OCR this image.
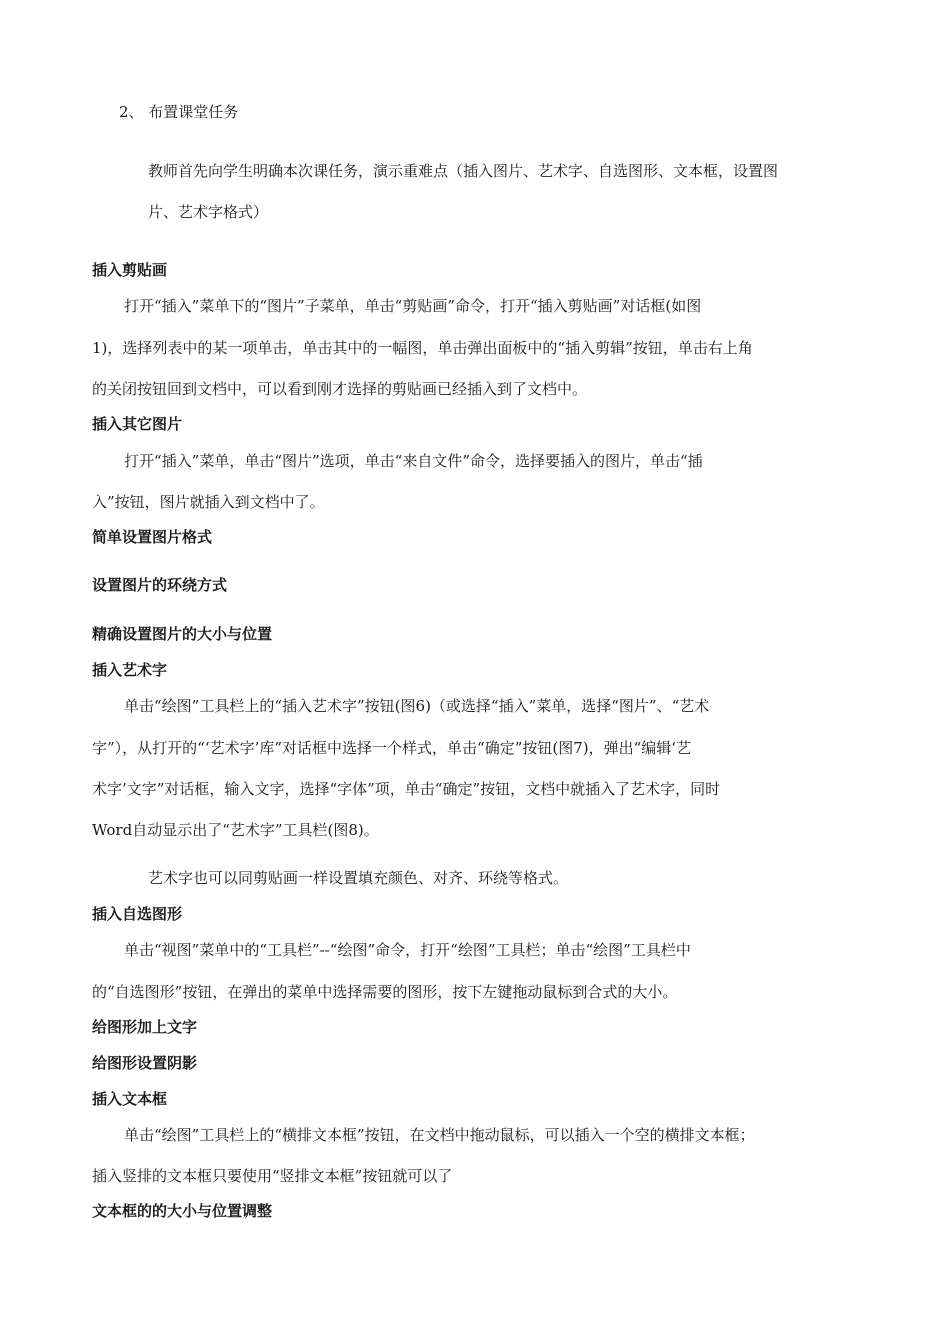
2、 布置课堂任务
教师首先向学生明确本次课任务，演示重难点（插入图片、艺术字、自选图形、文本框，设置图
片、艺术字格式）
插入剪贴画
打开“插入”菜单下的“图片”子菜单，单击“剪贴画”命令，打开“插入剪贴画”对话框(如图
1)，选择列表中的某一项单击，单击其中的一幅图，单击弹出面板中的“插入剪辑”按钮，单击右上角
的关闭按钮回到文档中，可以看到刚才选择的剪贴画已经插入到了文档中。
插入其它图片
打开“插入”菜单，单击“图片”选项，单击“来自文件”命令，选择要插入的图片，单击“插
入”按钮，图片就插入到文档中了。
简单设置图片格式
设置图片的环绕方式
精确设置图片的大小与位置
插入艺术字
单击“绘图”工具栏上的“插入艺术字”按钮(图6)（或选择“插入”菜单，选择“图片”、“艺术
字”），从打开的“‘艺术字’库”对话框中选择一个样式，单击“确定”按钮(图7)，弹出“编辑‘艺
术字’文字”对话框，输入文字，选择“字体”项，单击“确定”按钮，文档中就插入了艺术字，同时
Word自动显示出了“艺术字”工具栏(图8)。
艺术字也可以同剪贴画一样设置填充颜色、对齐、环绕等格式。
插入自选图形
单击“视图”菜单中的“工具栏”--“绘图”命令，打开“绘图”工具栏；单击“绘图”工具栏中
的“自选图形”按钮，在弹出的菜单中选择需要的图形，按下左键拖动鼠标到合式的大小。
给图形加上文字
给图形设置阴影
插入文本框
单击“绘图”工具栏上的“横排文本框”按钮，在文档中拖动鼠标，可以插入一个空的横排文本框；
插入竖排的文本框只要使用“竖排文本框”按钮就可以了
文本框的的大小与位置调整
